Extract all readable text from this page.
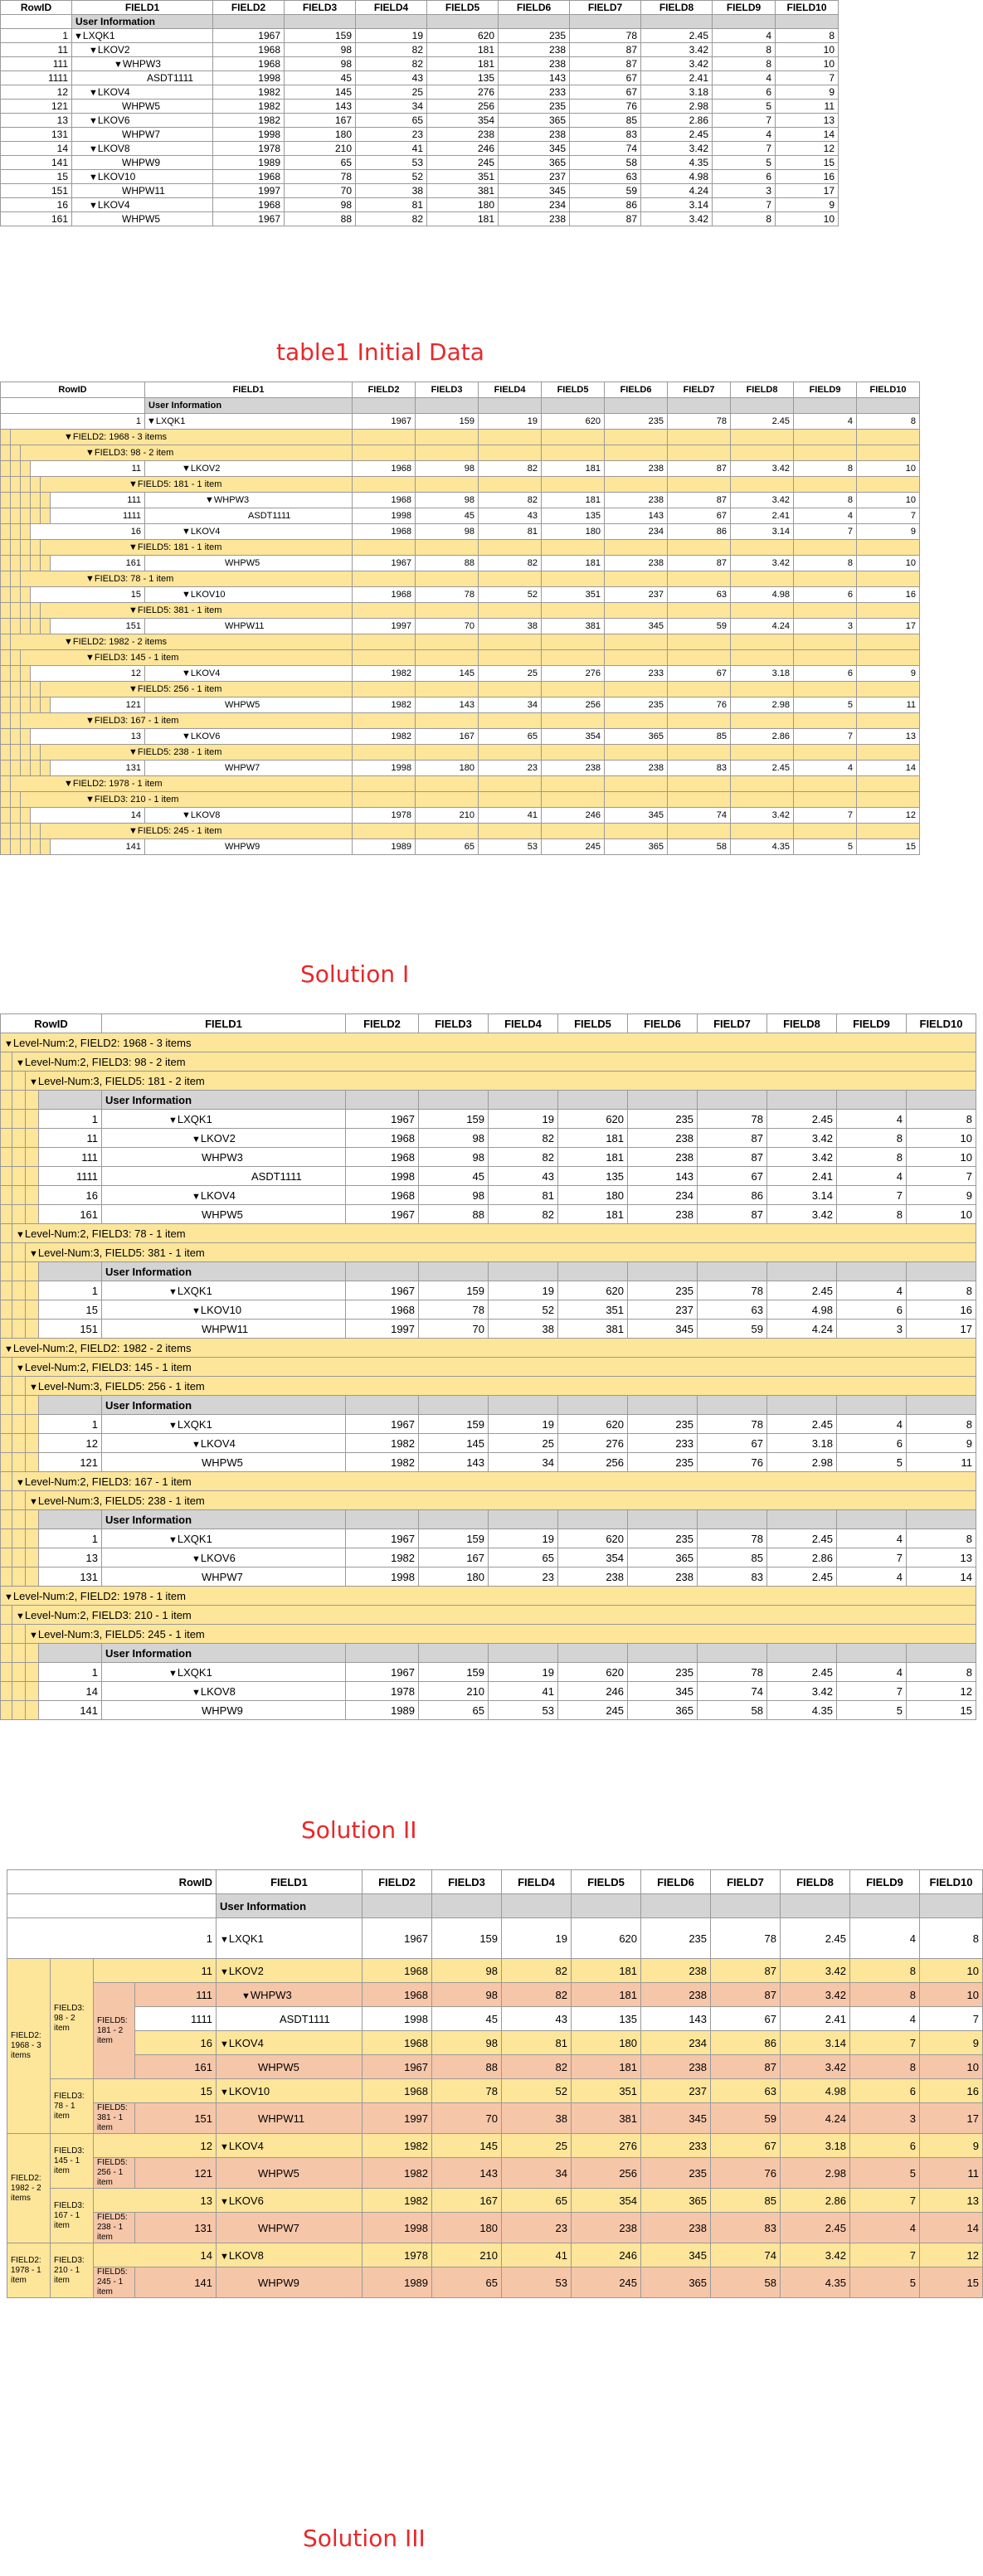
RowID	FIELD1	FIELD2	FIELD3	FIELD4	FIELD5	FIELD6	FIELD7	FIELD8	FIELD9	FIELD10
	User Information									
1	▼LXQK1	1967	159	19	620	235	78	2.45	4	8
11	▼LKOV2	1968	98	82	181	238	87	3.42	8	10
111	▼WHPW3	1968	98	82	181	238	87	3.42	8	10
1111	ASDT1111	1998	45	43	135	143	67	2.41	4	7
12	▼LKOV4	1982	145	25	276	233	67	3.18	6	9
121	WHPW5	1982	143	34	256	235	76	2.98	5	11
13	▼LKOV6	1982	167	65	354	365	85	2.86	7	13
131	WHPW7	1998	180	23	238	238	83	2.45	4	14
14	▼LKOV8	1978	210	41	246	345	74	3.42	7	12
141	WHPW9	1989	65	53	245	365	58	4.35	5	15
15	▼LKOV10	1968	78	52	351	237	63	4.98	6	16
151	WHPW11	1997	70	38	381	345	59	4.24	3	17
16	▼LKOV4	1968	98	81	180	234	86	3.14	7	9
161	WHPW5	1967	88	82	181	238	87	3.42	8	10
table1 Initial Data
RowID						FIELD1	FIELD2	FIELD3	FIELD4	FIELD5	FIELD6	FIELD7	FIELD8	FIELD9	FIELD10
						User Information									
1						▼LXQK1	1967	159	19	620	235	78	2.45	4	8
	▼FIELD2: 1968 - 3 items														
		▼FIELD3: 98 - 2 item													
			11			▼LKOV2	1968	98	82	181	238	87	3.42	8	10
				▼FIELD5: 181 - 1 item											
					111	▼WHPW3	1968	98	82	181	238	87	3.42	8	10
					1111	ASDT1111	1998	45	43	135	143	67	2.41	4	7
			16			▼LKOV4	1968	98	81	180	234	86	3.14	7	9
				▼FIELD5: 181 - 1 item											
					161	WHPW5	1967	88	82	181	238	87	3.42	8	10
		▼FIELD3: 78 - 1 item													
			15			▼LKOV10	1968	78	52	351	237	63	4.98	6	16
				▼FIELD5: 381 - 1 item											
					151	WHPW11	1997	70	38	381	345	59	4.24	3	17
	▼FIELD2: 1982 - 2 items														
		▼FIELD3: 145 - 1 item													
			12			▼LKOV4	1982	145	25	276	233	67	3.18	6	9
				▼FIELD5: 256 - 1 item											
					121	WHPW5	1982	143	34	256	235	76	2.98	5	11
		▼FIELD3: 167 - 1 item													
			13			▼LKOV6	1982	167	65	354	365	85	2.86	7	13
				▼FIELD5: 238 - 1 item											
					131	WHPW7	1998	180	23	238	238	83	2.45	4	14
	▼FIELD2: 1978 - 1 item														
		▼FIELD3: 210 - 1 item													
			14			▼LKOV8	1978	210	41	246	345	74	3.42	7	12
				▼FIELD5: 245 - 1 item											
					141	WHPW9	1989	65	53	245	365	58	4.35	5	15
Solution I
RowID				FIELD1	FIELD2	FIELD3	FIELD4	FIELD5	FIELD6	FIELD7	FIELD8	FIELD9	FIELD10
▼Level-Num:2, FIELD2: 1968 - 3 items													
	▼Level-Num:2, FIELD3: 98 - 2 item												
		▼Level-Num:3, FIELD5: 181 - 2 item											
				User Information									
			1	▼LXQK1	1967	159	19	620	235	78	2.45	4	8
			11	▼LKOV2	1968	98	82	181	238	87	3.42	8	10
			111	WHPW3	1968	98	82	181	238	87	3.42	8	10
			1111	ASDT1111	1998	45	43	135	143	67	2.41	4	7
			16	▼LKOV4	1968	98	81	180	234	86	3.14	7	9
			161	WHPW5	1967	88	82	181	238	87	3.42	8	10
	▼Level-Num:2, FIELD3: 78 - 1 item												
		▼Level-Num:3, FIELD5: 381 - 1 item											
				User Information									
			1	▼LXQK1	1967	159	19	620	235	78	2.45	4	8
			15	▼LKOV10	1968	78	52	351	237	63	4.98	6	16
			151	WHPW11	1997	70	38	381	345	59	4.24	3	17
▼Level-Num:2, FIELD2: 1982 - 2 items													
	▼Level-Num:2, FIELD3: 145 - 1 item												
		▼Level-Num:3, FIELD5: 256 - 1 item											
				User Information									
			1	▼LXQK1	1967	159	19	620	235	78	2.45	4	8
			12	▼LKOV4	1982	145	25	276	233	67	3.18	6	9
			121	WHPW5	1982	143	34	256	235	76	2.98	5	11
	▼Level-Num:2, FIELD3: 167 - 1 item												
		▼Level-Num:3, FIELD5: 238 - 1 item											
				User Information									
			1	▼LXQK1	1967	159	19	620	235	78	2.45	4	8
			13	▼LKOV6	1982	167	65	354	365	85	2.86	7	13
			131	WHPW7	1998	180	23	238	238	83	2.45	4	14
▼Level-Num:2, FIELD2: 1978 - 1 item													
	▼Level-Num:2, FIELD3: 210 - 1 item												
		▼Level-Num:3, FIELD5: 245 - 1 item											
				User Information									
			1	▼LXQK1	1967	159	19	620	235	78	2.45	4	8
			14	▼LKOV8	1978	210	41	246	345	74	3.42	7	12
			141	WHPW9	1989	65	53	245	365	58	4.35	5	15
Solution II
RowID				FIELD1	FIELD2	FIELD3	FIELD4	FIELD5	FIELD6	FIELD7	FIELD8	FIELD9	FIELD10
				User Information									
1				▼LXQK1	1967	159	19	620	235	78	2.45	4	8
FIELD2: 1968 - 3 items	FIELD3: 98 - 2 item	11		▼LKOV2	1968	98	82	181	238	87	3.42	8	10
		FIELD5: 181 - 2 item	111	▼WHPW3	1968	98	82	181	238	87	3.42	8	10
			1111	ASDT1111	1998	45	43	135	143	67	2.41	4	7
			16	▼LKOV4	1968	98	81	180	234	86	3.14	7	9
			161	WHPW5	1967	88	82	181	238	87	3.42	8	10
	FIELD3: 78 - 1 item	15		▼LKOV10	1968	78	52	351	237	63	4.98	6	16
		FIELD5: 381 - 1 item	151	WHPW11	1997	70	38	381	345	59	4.24	3	17
FIELD2: 1982 - 2 items	FIELD3: 145 - 1 item	12		▼LKOV4	1982	145	25	276	233	67	3.18	6	9
		FIELD5: 256 - 1 item	121	WHPW5	1982	143	34	256	235	76	2.98	5	11
	FIELD3: 167 - 1 item	13		▼LKOV6	1982	167	65	354	365	85	2.86	7	13
		FIELD5: 238 - 1 item	131	WHPW7	1998	180	23	238	238	83	2.45	4	14
FIELD2: 1978 - 1 item	FIELD3: 210 - 1 item	14		▼LKOV8	1978	210	41	246	345	74	3.42	7	12
		FIELD5: 245 - 1 item	141	WHPW9	1989	65	53	245	365	58	4.35	5	15
Solution III
